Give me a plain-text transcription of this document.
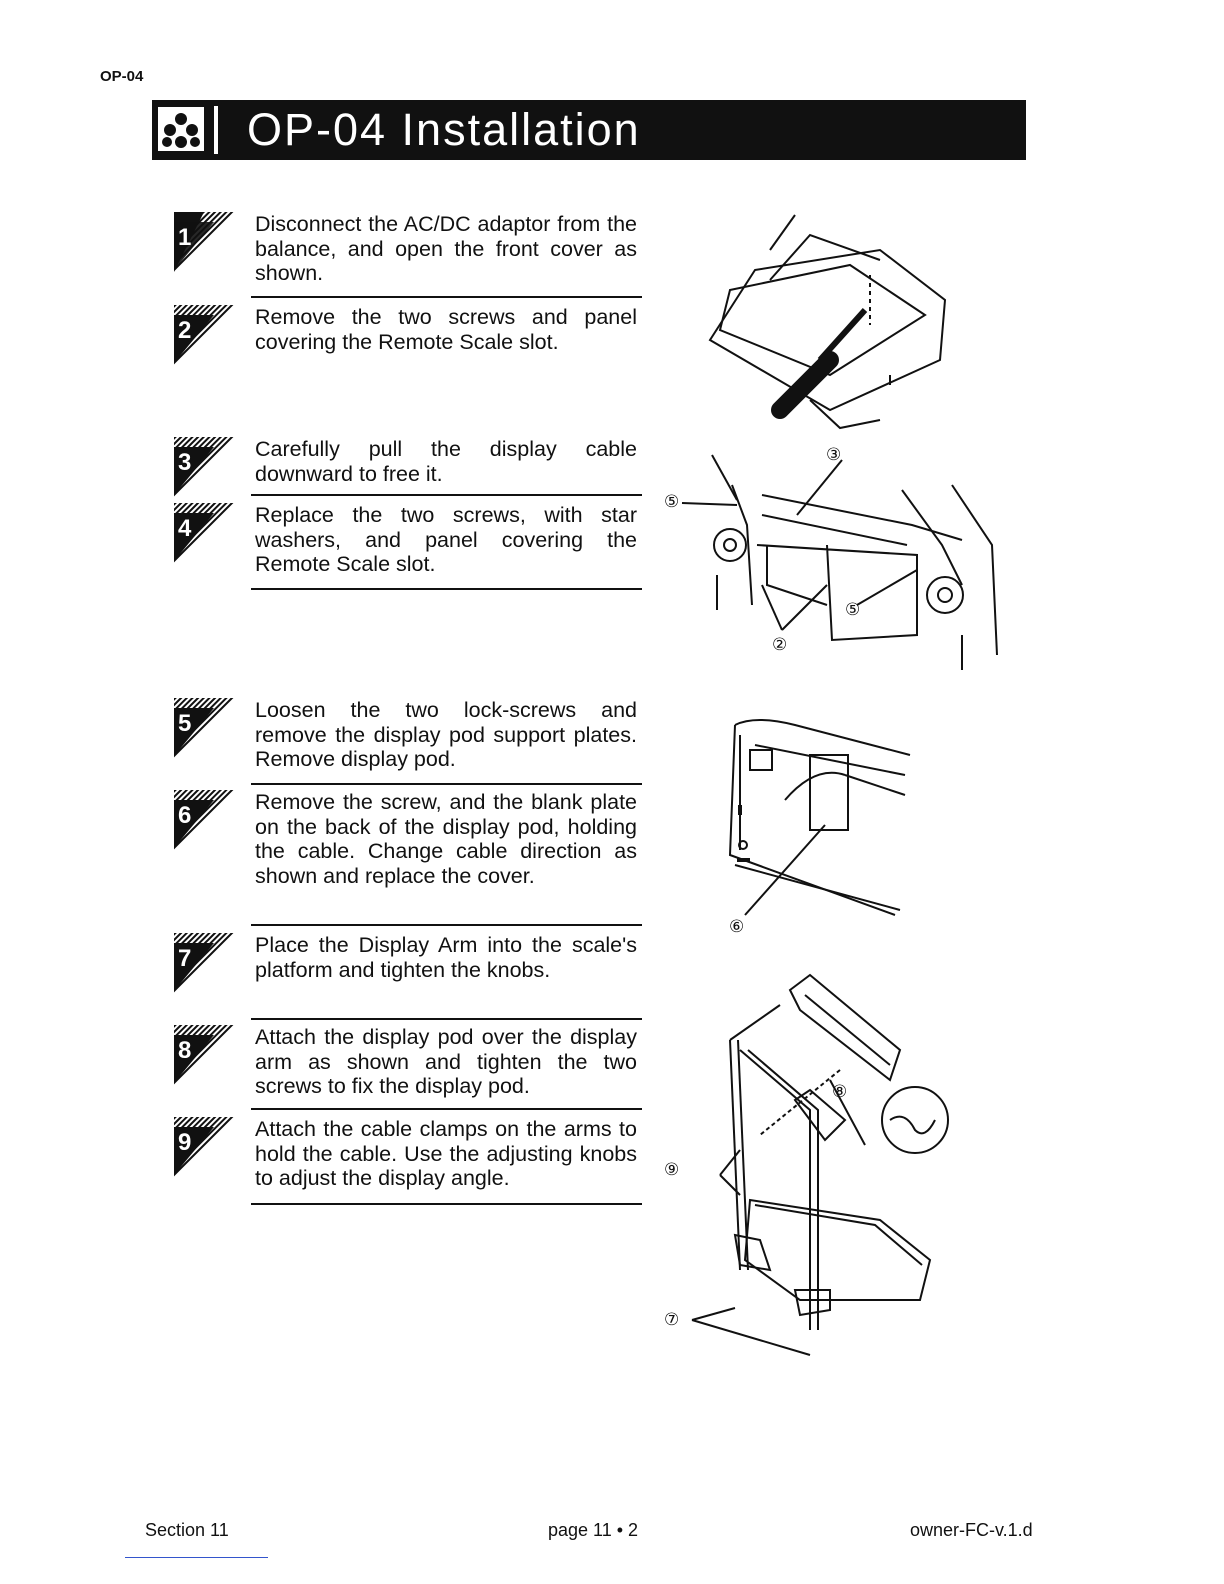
OP-04
OP-04 Installation
1	Disconnect the AC/DC adaptor from the balance, and open the front cover as shown.
2	Remove the two screws and panel covering the Remote Scale slot.
3	Carefully pull the display cable downward to free it.
4	Replace the two screws, with star washers, and panel covering the Remote Scale slot.
5	Loosen the two lock-screws and remove the display pod support plates. Remove display pod.
6	Remove the screw, and the blank plate on the back of the display pod, holding the cable. Change cable direction as shown and replace the cover.
7	Place the Display Arm into the scale's platform and tighten the knobs.
8	Attach the display pod over the display arm as shown and tighten the two screws to fix the display pod.
9	Attach the cable clamps on the arms to hold the cable. Use the adjusting knobs to adjust the display angle.
③
⑤
⑤
②
⑥
⑧
⑨
⑦
Section 11	page 11 • 2	owner-FC-v.1.d
